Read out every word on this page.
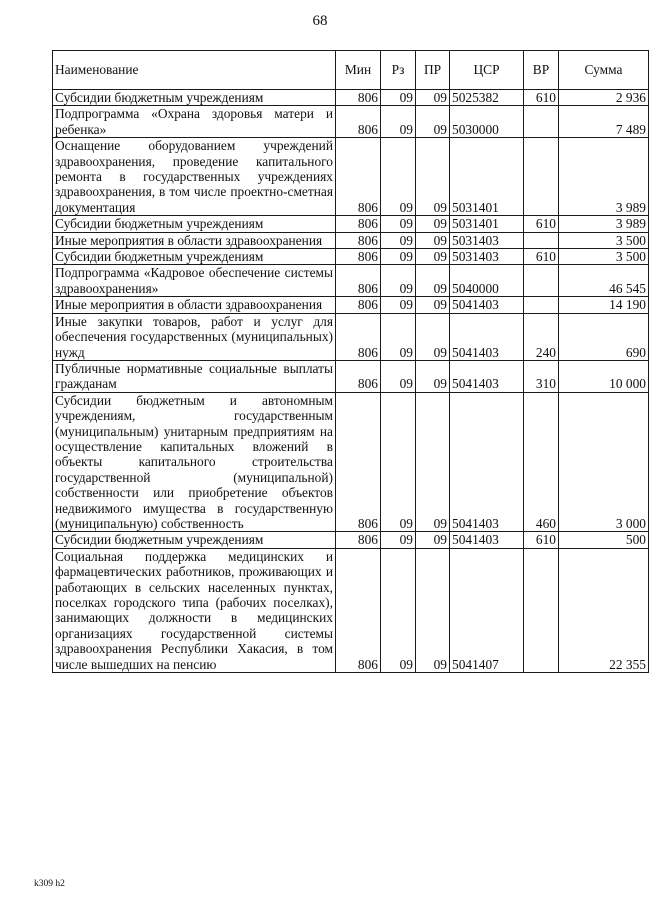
68
Наименование	Мин	Рз	ПР	ЦСР	ВР	Сумма
Субсидии бюджетным учреждениям	806	09	09	5025382	610	2 936
Подпрограмма «Охрана здоровья матери и ребенка»	806	09	09	5030000		7 489
Оснащение оборудованием учреждений здравоохранения, проведение капитального ремонта в государственных учреждениях здравоохранения, в том числе проектно-сметная документация	806	09	09	5031401		3 989
Субсидии бюджетным учреждениям	806	09	09	5031401	610	3 989
Иные мероприятия в области здравоохранения	806	09	09	5031403		3 500
Субсидии бюджетным учреждениям	806	09	09	5031403	610	3 500
Подпрограмма «Кадровое обеспечение системы здравоохранения»	806	09	09	5040000		46 545
Иные мероприятия в области здравоохранения	806	09	09	5041403		14 190
Иные закупки товаров, работ и услуг для обеспечения государственных (муниципальных) нужд	806	09	09	5041403	240	690
Публичные нормативные социальные выплаты гражданам	806	09	09	5041403	310	10 000
Субсидии бюджетным и автономным учреждениям, государственным (муниципальным) унитарным предприятиям на осуществление капитальных вложений в объекты капитального строительства государственной (муниципальной) собственности или приобретение объектов недвижимого имущества в государственную (муниципальную) собственность	806	09	09	5041403	460	3 000
Субсидии бюджетным учреждениям	806	09	09	5041403	610	500
Социальная поддержка медицинских и фармацевтических работников, проживающих и работающих в сельских населенных пунктах, поселках городского типа (рабочих поселках), занимающих должности в медицинских организациях государственной системы здравоохранения Республики Хакасия, в том числе вышедших на пенсию	806	09	09	5041407		22 355
k309 h2
